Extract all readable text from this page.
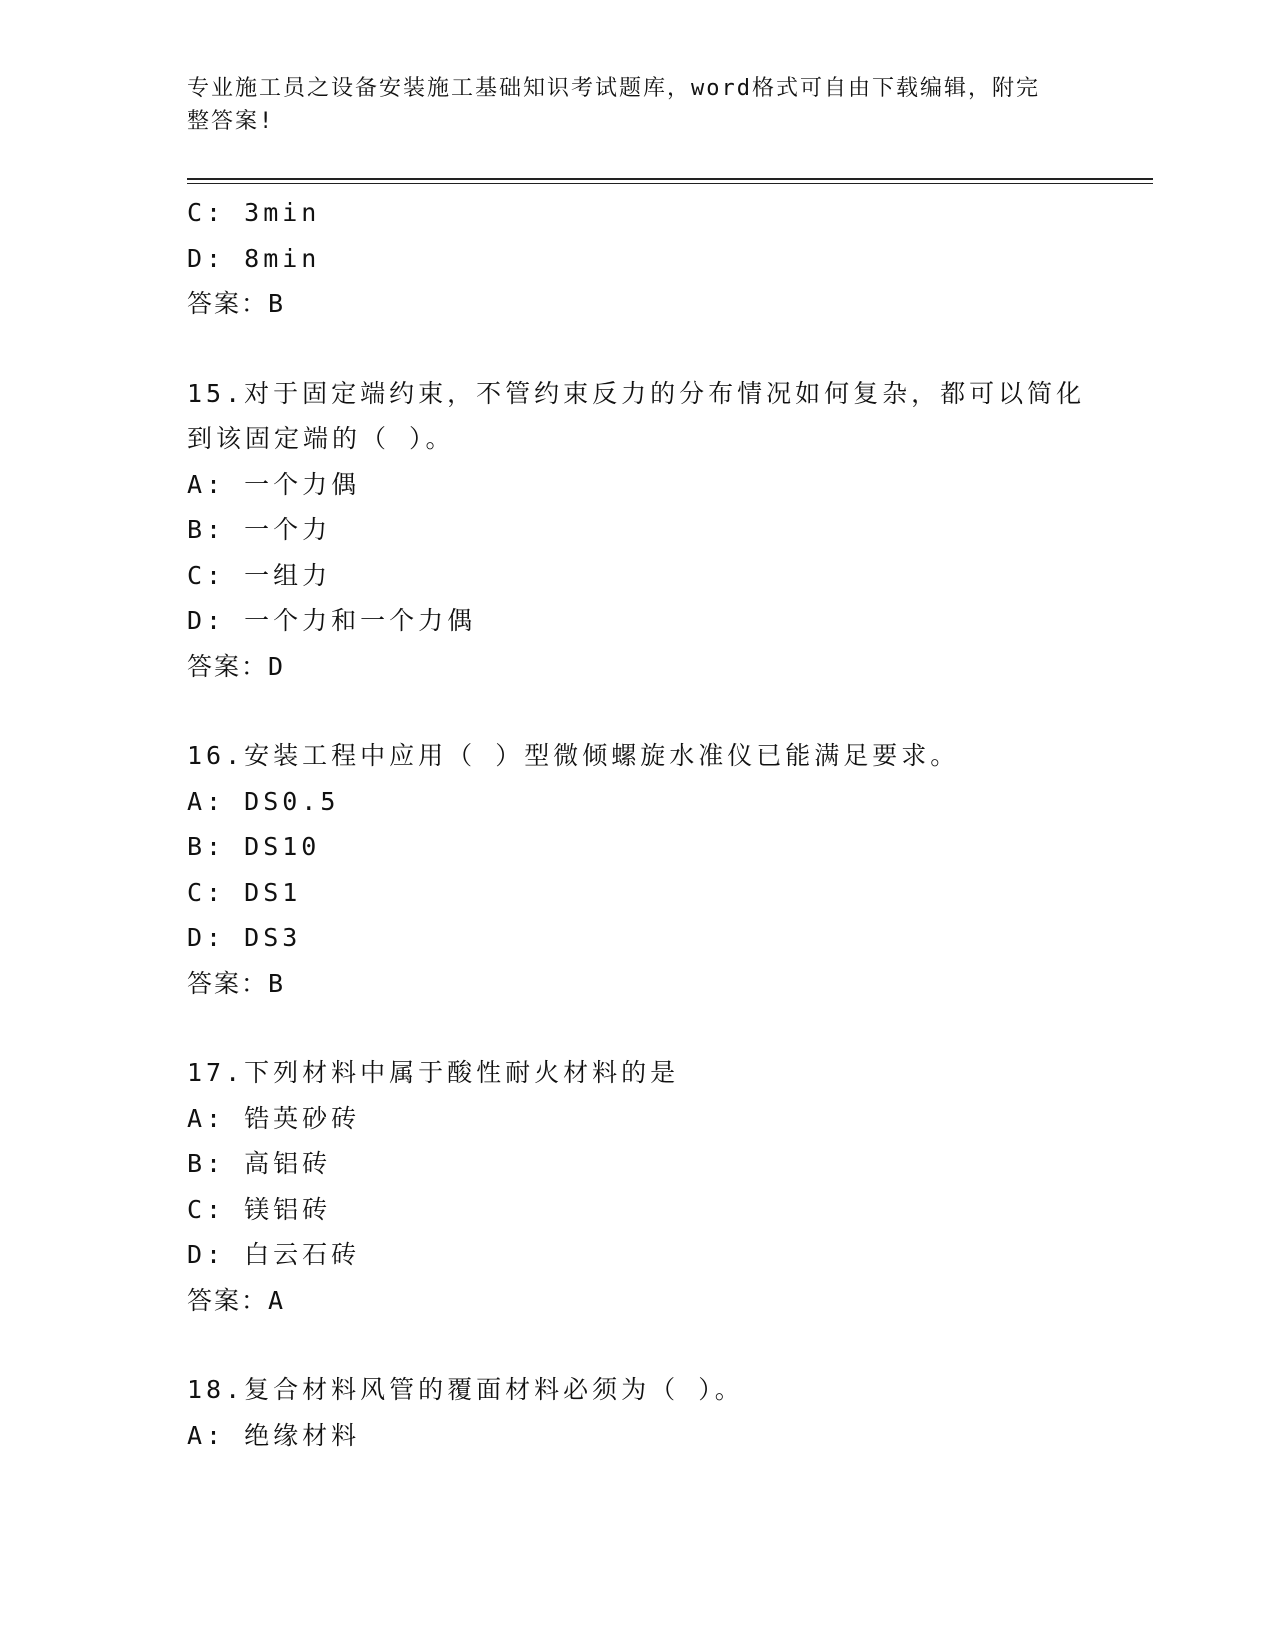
专业施工员之设备安装施工基础知识考试题库，word格式可自由下载编辑，附完
整答案!
C: 3min
D: 8min
答案：B
15.对于固定端约束，不管约束反力的分布情况如何复杂，都可以简化
到该固定端的（ ）。
A: 一个力偶
B: 一个力
C: 一组力
D: 一个力和一个力偶
答案：D
16.安装工程中应用（ ）型微倾螺旋水准仪已能满足要求。
A: DS0.5
B: DS10
C: DS1
D: DS3
答案：B
17.下列材料中属于酸性耐火材料的是
A: 锆英砂砖
B: 高铝砖
C: 镁铝砖
D: 白云石砖
答案：A
18.复合材料风管的覆面材料必须为（ ）。
A: 绝缘材料
